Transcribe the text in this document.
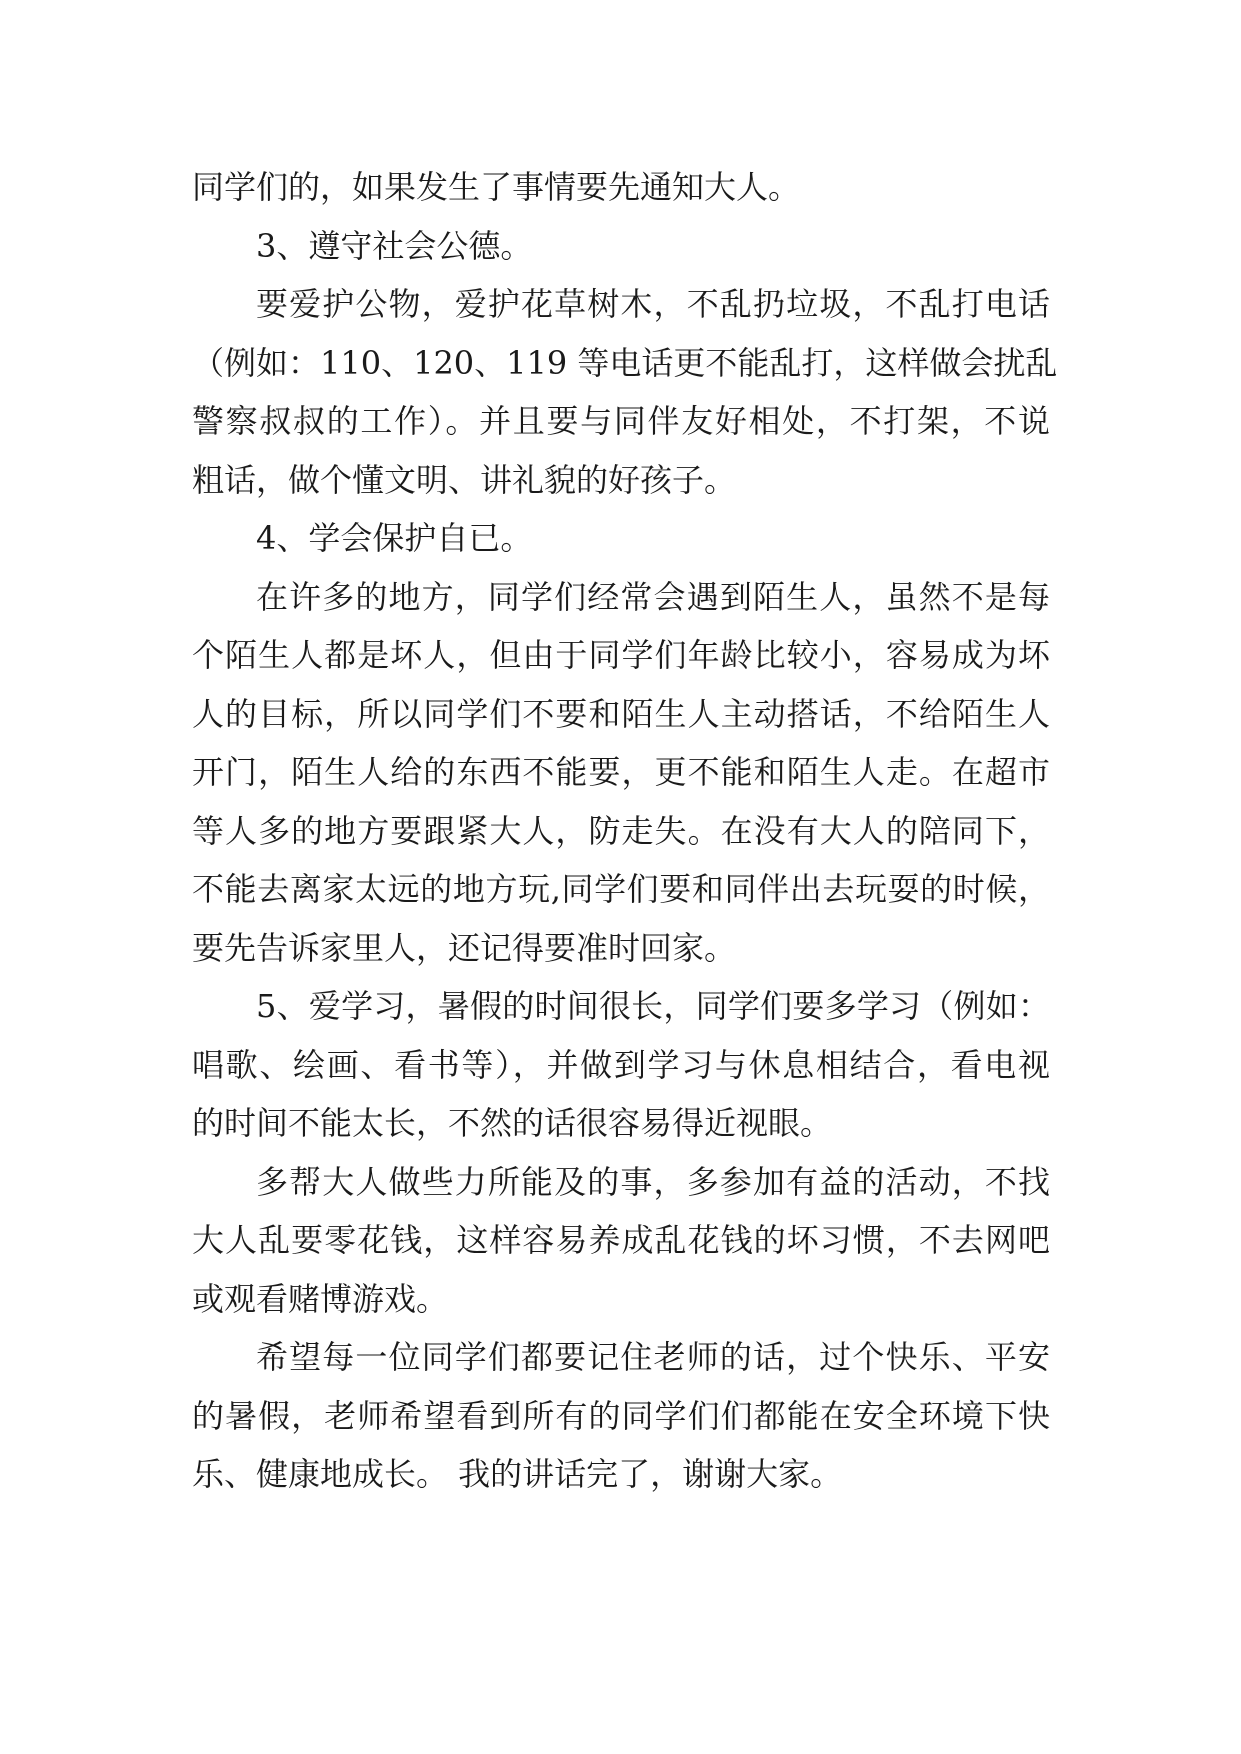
同学们的，如果发生了事情要先通知大人。
3、遵守社会公德。
要爱护公物，爱护花草树木，不乱扔垃圾，不乱打电话
（例如：110、120、119 等电话更不能乱打，这样做会扰乱
警察叔叔的工作）。并且要与同伴友好相处，不打架，不说
粗话，做个懂文明、讲礼貌的好孩子。
4、学会保护自已。
在许多的地方，同学们经常会遇到陌生人，虽然不是每
个陌生人都是坏人，但由于同学们年龄比较小，容易成为坏
人的目标，所以同学们不要和陌生人主动搭话，不给陌生人
开门，陌生人给的东西不能要，更不能和陌生人走。在超市
等人多的地方要跟紧大人，防走失。在没有大人的陪同下，
不能去离家太远的地方玩,同学们要和同伴出去玩耍的时候，
要先告诉家里人，还记得要准时回家。
5、爱学习，暑假的时间很长，同学们要多学习（例如：
唱歌、绘画、看书等），并做到学习与休息相结合，看电视
的时间不能太长，不然的话很容易得近视眼。
多帮大人做些力所能及的事，多参加有益的活动，不找
大人乱要零花钱，这样容易养成乱花钱的坏习惯，不去网吧
或观看赌博游戏。
希望每一位同学们都要记住老师的话，过个快乐、平安
的暑假，老师希望看到所有的同学们们都能在安全环境下快
乐、健康地成长。 我的讲话完了，谢谢大家。
